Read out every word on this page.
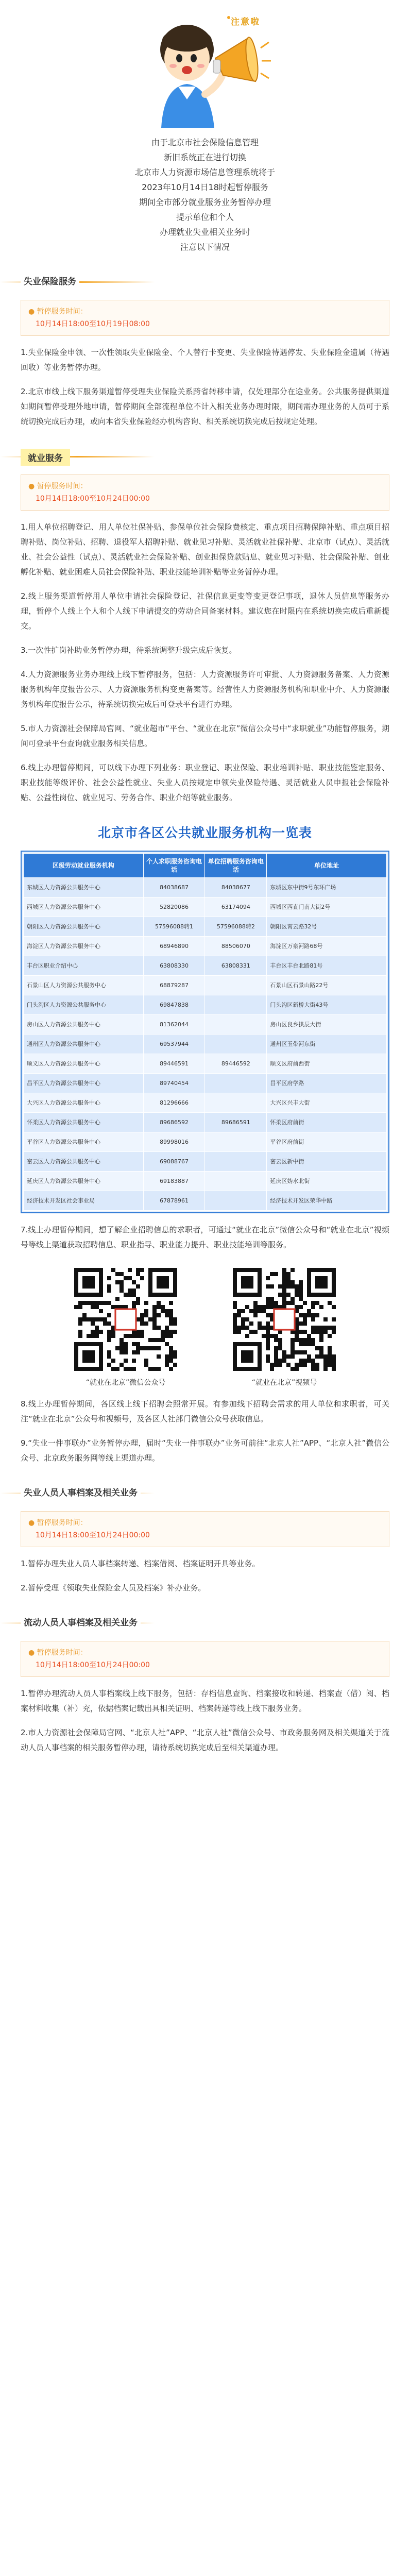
注意啦

由于北京市社会保险信息管理

新旧系统正在进行切换

北京市人力资源市场信息管理系统将于

2023年10月14日18时起暂停服务

期间全市部分就业服务业务暂停办理

提示单位和个人

办理就业失业相关业务时

注意以下情况

失业保险服务
● 暂停服务时间：
10月14日18:00至10月19日08:00

1.失业保险金申领、一次性领取失业保险金、个人替行卡变更、失业保险待遇停发、失业保险金遗属（待遇回收）等业务暂停办理。

2.北京市线上线下服务渠道暂停受理失业保险关系跨省转移申请，仅处理部分在途业务。公共服务提供渠道如期间暂停受理外地申请，暂停期间全部流程单位不计入相关业务办理时限，期间需办理业务的人员可于系统切换完成后办理，或向本省失业保险经办机构咨询、相关系统切换完成后按规定处理。

就业服务
● 暂停服务时间：
10月14日18:00至10月24日00:00

1.用人单位招聘登记、用人单位社保补贴、参保单位社会保险费核定、重点项目招聘保障补贴、重点项目招聘补贴、岗位补贴、招聘、退役军人招聘补贴、就业见习补贴、灵活就业社保补贴、北京市（试点）、灵活就业、社会公益性（试点）、灵活就业社会保险补贴、创业担保贷款贴息、就业见习补贴、社会保险补贴、创业孵化补贴、就业困难人员社会保险补贴、职业技能培训补贴等业务暂停办理。

2.线上服务渠道暂停用人单位申请社会保险登记、社保信息更变等变更登记事项，退休人员信息等服务办理，暂停个人线上个人和个人线下申请提交的劳动合同备案材料。建议您在时限内在系统切换完成后重新提交。

3.一次性扩岗补助业务暂停办理，待系统调整升级完成后恢复。

4.人力资源服务业务办理线上线下暂停服务，包括：人力资源服务许可审批、人力资源服务备案、人力资源服务机构年度报告公示、人力资源服务机构变更备案等。经营性人力资源服务机构和职业中介、人力资源服务机构年度报告公示，待系统切换完成后可登录平台进行办理。

5.市人力资源社会保障局官网、“就业超市”平台、“就业在北京”微信公众号中“求职就业”功能暂停服务，期间可登录平台查询就业服务相关信息。

6.线上办理暂停期间，可以线下办理下列业务：职业登记、职业保险、职业培训补贴、职业技能鉴定服务、职业技能等级评价、社会公益性就业、失业人员按规定申领失业保险待遇、灵活就业人员申报社会保险补贴、公益性岗位、就业见习、劳务合作、职业介绍等就业服务。

北京市各区公共就业服务机构一览表
区级劳动就业服务机构	个人求职服务咨询电话	单位招聘服务咨询电话	单位地址
东城区人力资源公共服务中心	84038687	84038677	东城区东中街9号东环广场
西城区人力资源公共服务中心	52820086	63174094	西城区西直门南大街2号
朝阳区人力资源公共服务中心	57596088转1	57596088转2	朝阳区霄云路32号
海淀区人力资源公共服务中心	68946890	88506070	海淀区万泉河路68号
丰台区职业介绍中心	63808330	63808331	丰台区丰台北路81号
石景山区人力资源公共服务中心	68879287		石景山区石景山路22号
门头沟区人力资源公共服务中心	69847838		门头沟区新桥大街43号
房山区人力资源公共服务中心	81362044		房山区良乡拱辰大街
通州区人力资源公共服务中心	69537944		通州区玉带河东街
顺义区人力资源公共服务中心	89446591	89446592	顺义区府前西街
昌平区人力资源公共服务中心	89740454		昌平区府学路
大兴区人力资源公共服务中心	81296666		大兴区兴丰大街
怀柔区人力资源公共服务中心	89686592	89686591	怀柔区府前街
平谷区人力资源公共服务中心	89998016		平谷区府前街
密云区人力资源公共服务中心	69088767		密云区新中街
延庆区人力资源公共服务中心	69183887		延庆区妫水北街
经济技术开发区社会事业局	67878961		经济技术开发区荣华中路

7.线上办理暂停期间，想了解企业招聘信息的求职者，可通过“就业在北京”微信公众号和“就业在北京”视频号等线上渠道获取招聘信息、职业指导、职业能力提升、职业技能培训等服务。

“就业在北京”微信公众号	“就业在北京”视频号

8.线上办理暂停期间，各区线上线下招聘会照常开展。有参加线下招聘会需求的用人单位和求职者，可关注“就业在北京”公众号和视频号，及各区人社部门微信公众号获取信息。

9.“失业一件事联办”业务暂停办理，届时“失业一件事联办”业务可前往“北京人社”APP、“北京人社”微信公众号、北京政务服务网等线上渠道办理。

失业人员人事档案及相关业务
● 暂停服务时间：
10月14日18:00至10月24日00:00

1.暂停办理失业人员人事档案转递、档案借阅、档案证明开具等业务。

2.暂停受理《领取失业保险金人员及档案》补办业务。

流动人员人事档案及相关业务
● 暂停服务时间：
10月14日18:00至10月24日00:00

1.暂停办理流动人员人事档案线上线下服务，包括：存档信息查询、档案接收和转递、档案查（借）阅、档案材料收集（补）充，依据档案记载出具相关证明、档案转递等线上线下服务业务。

2.市人力资源社会保障局官网、“北京人社”APP、“北京人社”微信公众号、市政务服务网及相关渠道关于流动人员人事档案的相关服务暂停办理，请待系统切换完成后至相关渠道办理。
